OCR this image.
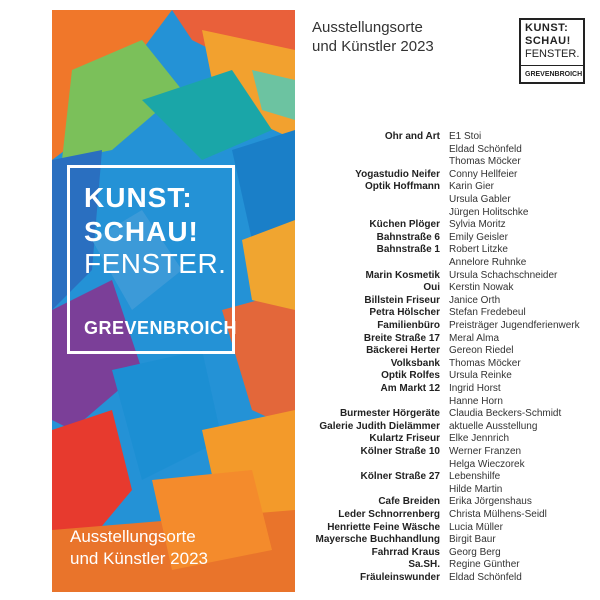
KUNST:
SCHAU!
FENSTER.
GREVENBROICH
Ausstellungsorte
und Künstler 2023
Ausstellungsorte
und Künstler 2023
KUNST:
SCHAU!
FENSTER.
GREVENBROICH
Ohr and Art E1 Stoi
Eldad Schönfeld
Thomas Möcker
Yogastudio Neifer Conny Hellfeier
Optik Hoffmann Karin Gier
Ursula Gabler
Jürgen Holitschke
Küchen Plöger Sylvia Moritz
Bahnstraße 6 Emily Geisler
Bahnstraße 1 Robert Litzke
Annelore Ruhnke
Marin Kosmetik Ursula Schachschneider
Oui Kerstin Nowak
Billstein Friseur Janice Orth
Petra Hölscher Stefan Fredebeul
Familienbüro Preisträger Jugendferienwerk
Breite Straße 17 Meral Alma
Bäckerei Herter Gereon Riedel
Volksbank Thomas Möcker
Optik Rolfes Ursula Reinke
Am Markt 12 Ingrid Horst
Hanne Horn
Burmester Hörgeräte Claudia Beckers-Schmidt
Galerie Judith Dielämmer aktuelle Ausstellung
Kulartz Friseur Elke Jennrich
Kölner Straße 10 Werner Franzen
Helga Wieczorek
Kölner Straße 27 Lebenshilfe
Hilde Martin
Cafe Breiden Erika Jörgenshaus
Leder Schnorrenberg Christa Mülhens-Seidl
Henriette Feine Wäsche Lucia Müller
Mayersche Buchhandlung Birgit Baur
Fahrrad Kraus Georg Berg
Sa.SH. Regine Günther
Fräuleinswunder Eldad Schönfeld
